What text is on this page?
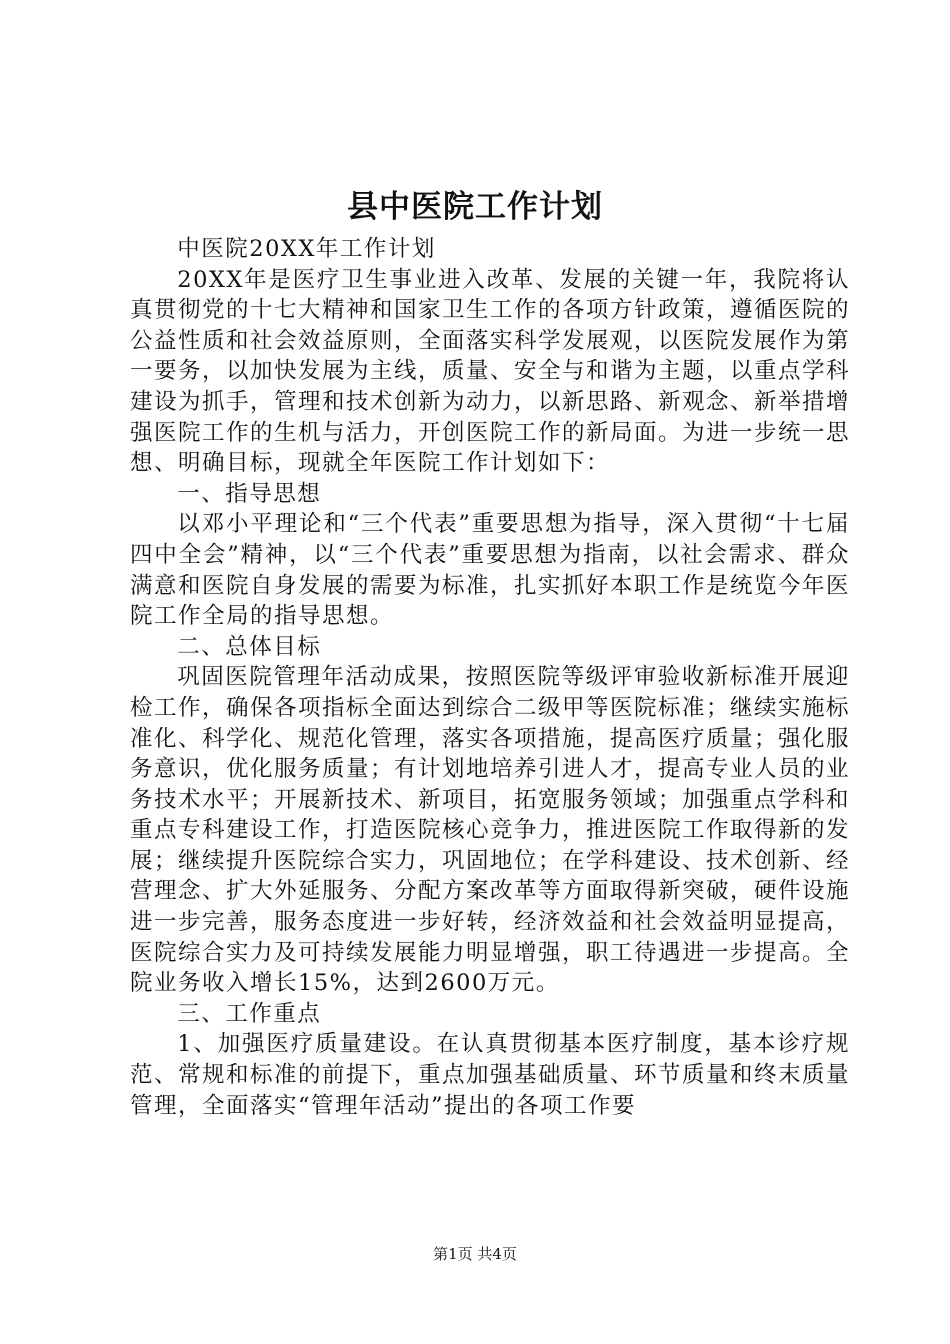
县中医院工作计划

中医院20XX年工作计划

20XX年是医疗卫生事业进入改革、发展的关键一年，我院将认真贯彻党的十七大精神和国家卫生工作的各项方针政策，遵循医院的公益性质和社会效益原则，全面落实科学发展观，以医院发展作为第一要务，以加快发展为主线，质量、安全与和谐为主题，以重点学科建设为抓手，管理和技术创新为动力，以新思路、新观念、新举措增强医院工作的生机与活力，开创医院工作的新局面。为进一步统一思想、明确目标，现就全年医院工作计划如下：

一、指导思想

以邓小平理论和“三个代表”重要思想为指导，深入贯彻“十七届四中全会”精神，以“三个代表”重要思想为指南，以社会需求、群众满意和医院自身发展的需要为标准，扎实抓好本职工作是统览今年医院工作全局的指导思想。

二、总体目标

巩固医院管理年活动成果，按照医院等级评审验收新标准开展迎检工作，确保各项指标全面达到综合二级甲等医院标准；继续实施标准化、科学化、规范化管理，落实各项措施，提高医疗质量；强化服务意识，优化服务质量；有计划地培养引进人才，提高专业人员的业务技术水平；开展新技术、新项目，拓宽服务领域；加强重点学科和重点专科建设工作，打造医院核心竞争力，推进医院工作取得新的发展；继续提升医院综合实力，巩固地位；在学科建设、技术创新、经营理念、扩大外延服务、分配方案改革等方面取得新突破，硬件设施进一步完善，服务态度进一步好转，经济效益和社会效益明显提高，医院综合实力及可持续发展能力明显增强，职工待遇进一步提高。全院业务收入增长15%，达到2600万元。

三、工作重点

1、加强医疗质量建设。在认真贯彻基本医疗制度，基本诊疗规范、常规和标准的前提下，重点加强基础质量、环节质量和终末质量管理，全面落实“管理年活动”提出的各项工作要

第1页 共4页
